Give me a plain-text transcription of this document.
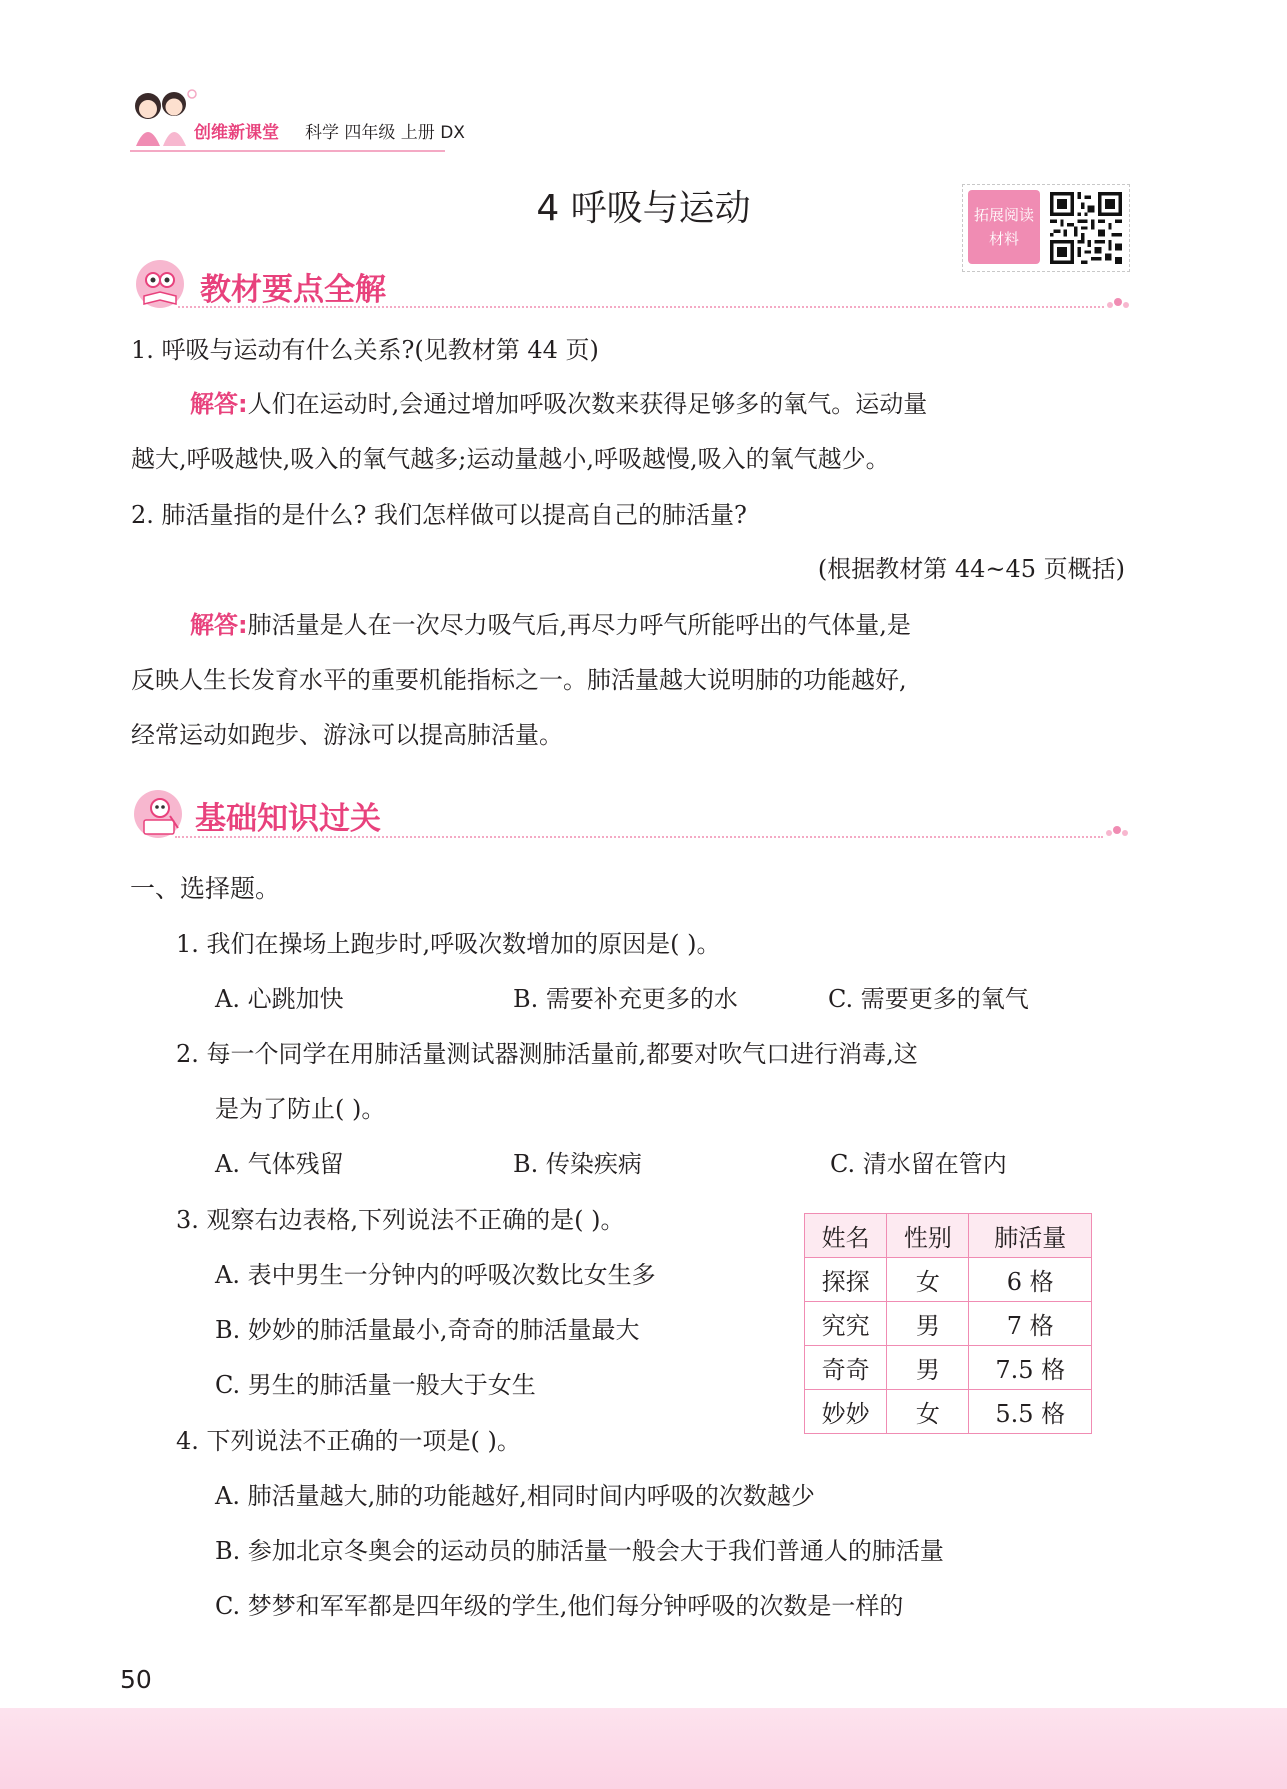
创维新课堂 科学 四年级 上册 DX
4 呼吸与运动	拓展阅读
材料
教材要点全解
1. 呼吸与运动有什么关系?(见教材第 44 页)
解答:人们在运动时,会通过增加呼吸次数来获得足够多的氧气。运动量
越大,呼吸越快,吸入的氧气越多;运动量越小,呼吸越慢,吸入的氧气越少。
2. 肺活量指的是什么? 我们怎样做可以提高自己的肺活量?
(根据教材第 44~45 页概括)
解答:肺活量是人在一次尽力吸气后,再尽力呼气所能呼出的气体量,是
反映人生长发育水平的重要机能指标之一。肺活量越大说明肺的功能越好,
经常运动如跑步、游泳可以提高肺活量。
基础知识过关
一、选择题。
1. 我们在操场上跑步时,呼吸次数增加的原因是( )。
A. 心跳加快	B. 需要补充更多的水	C. 需要更多的氧气
2. 每一个同学在用肺活量测试器测肺活量前,都要对吹气口进行消毒,这
是为了防止( )。
A. 气体残留	B. 传染疾病	C. 清水留在管内
3. 观察右边表格,下列说法不正确的是( )。
A. 表中男生一分钟内的呼吸次数比女生多
B. 妙妙的肺活量最小,奇奇的肺活量最大
C. 男生的肺活量一般大于女生
姓名	性别	肺活量
探探	女	6 格
究究	男	7 格
奇奇	男	7.5 格
妙妙	女	5.5 格
4. 下列说法不正确的一项是( )。
A. 肺活量越大,肺的功能越好,相同时间内呼吸的次数越少
B. 参加北京冬奥会的运动员的肺活量一般会大于我们普通人的肺活量
C. 梦梦和军军都是四年级的学生,他们每分钟呼吸的次数是一样的
50
